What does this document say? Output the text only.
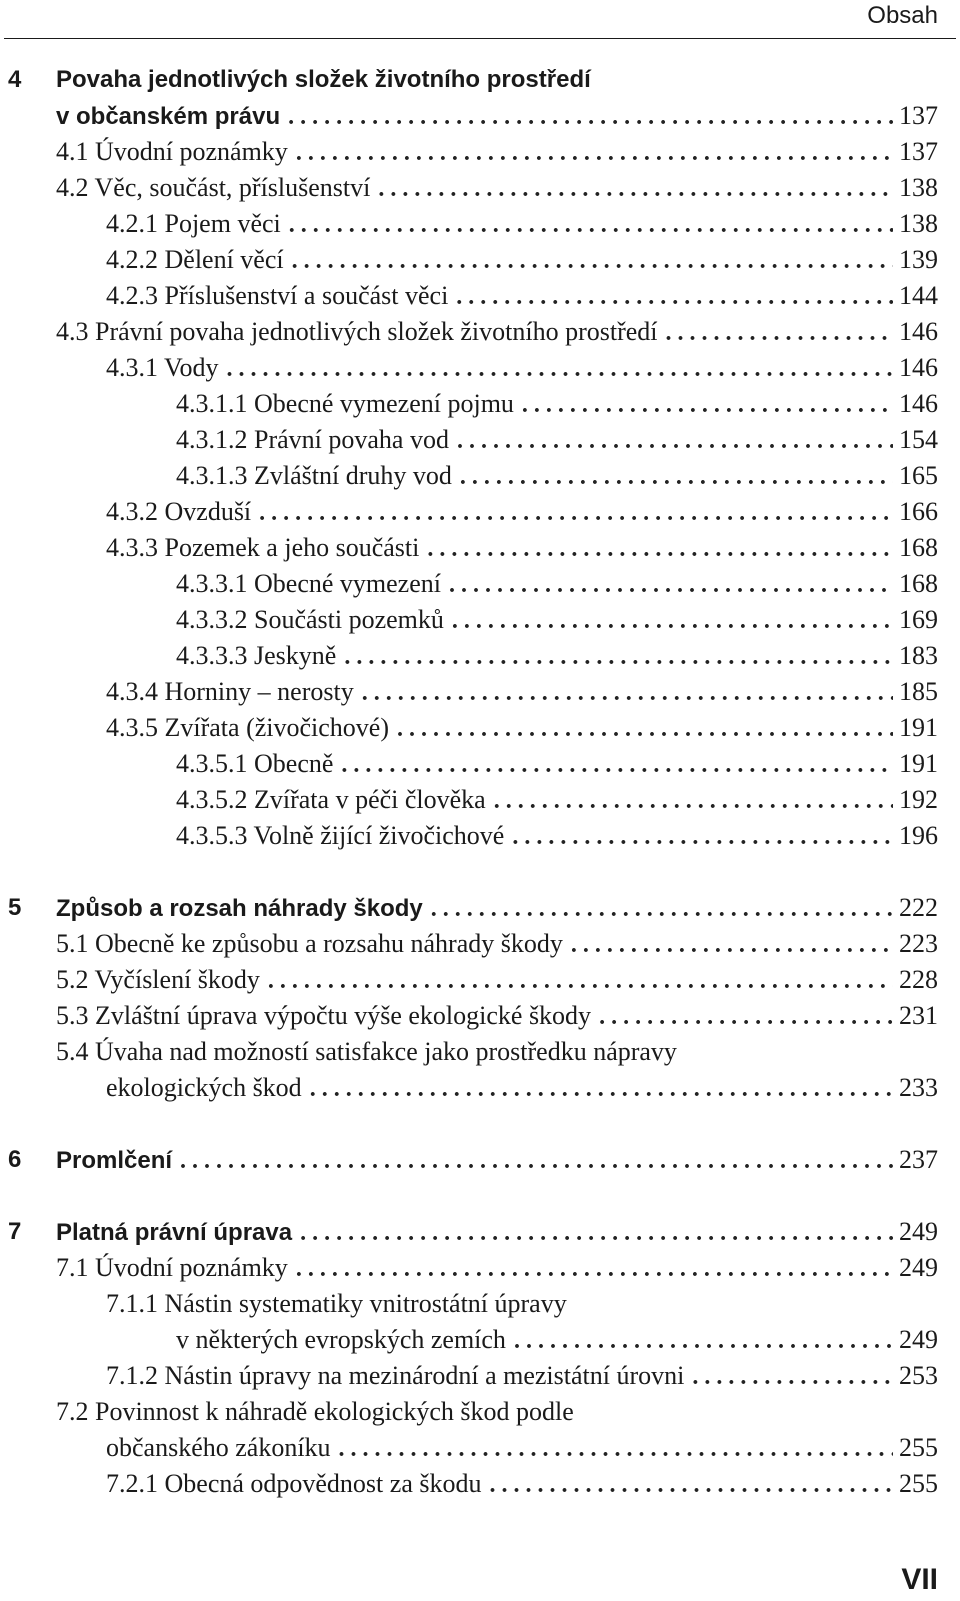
Obsah
4 Povaha jednotlivých složek životního prostředí
v občanském právu . . .	137
4.1 Úvodní poznámky . . .	137
4.2 Věc, součást, příslušenství . . .	138
4.2.1 Pojem věci . . .	138
4.2.2 Dělení věcí . . .	139
4.2.3 Příslušenství a součást věci . . .	144
4.3 Právní povaha jednotlivých složek životního prostředí . . .	146
4.3.1 Vody . . .	146
4.3.1.1 Obecné vymezení pojmu . . .	146
4.3.1.2 Právní povaha vod . . .	154
4.3.1.3 Zvláštní druhy vod . . .	165
4.3.2 Ovzduší . . .	166
4.3.3 Pozemek a jeho součásti . . .	168
4.3.3.1 Obecné vymezení . . .	168
4.3.3.2 Součásti pozemků . . .	169
4.3.3.3 Jeskyně . . .	183
4.3.4 Horniny – nerosty . . .	185
4.3.5 Zvířata (živočichové) . . .	191
4.3.5.1 Obecně . . .	191
4.3.5.2 Zvířata v péči člověka . . .	192
4.3.5.3 Volně žijící živočichové . . .	196
5 Způsob a rozsah náhrady škody . . .	222
5.1 Obecně ke způsobu a rozsahu náhrady škody . . .	223
5.2 Vyčíslení škody . . .	228
5.3 Zvláštní úprava výpočtu výše ekologické škody . . .	231
5.4 Úvaha nad možností satisfakce jako prostředku nápravy
ekologických škod . . .	233
6 Promlčení . . .	237
7 Platná právní úprava . . .	249
7.1 Úvodní poznámky . . .	249
7.1.1 Nástin systematiky vnitrostátní úpravy
v některých evropských zemích . . .	249
7.1.2 Nástin úpravy na mezinárodní a mezistátní úrovni . . .	253
7.2 Povinnost k náhradě ekologických škod podle
občanského zákoníku . . .	255
7.2.1 Obecná odpovědnost za škodu . . .	255
VII
